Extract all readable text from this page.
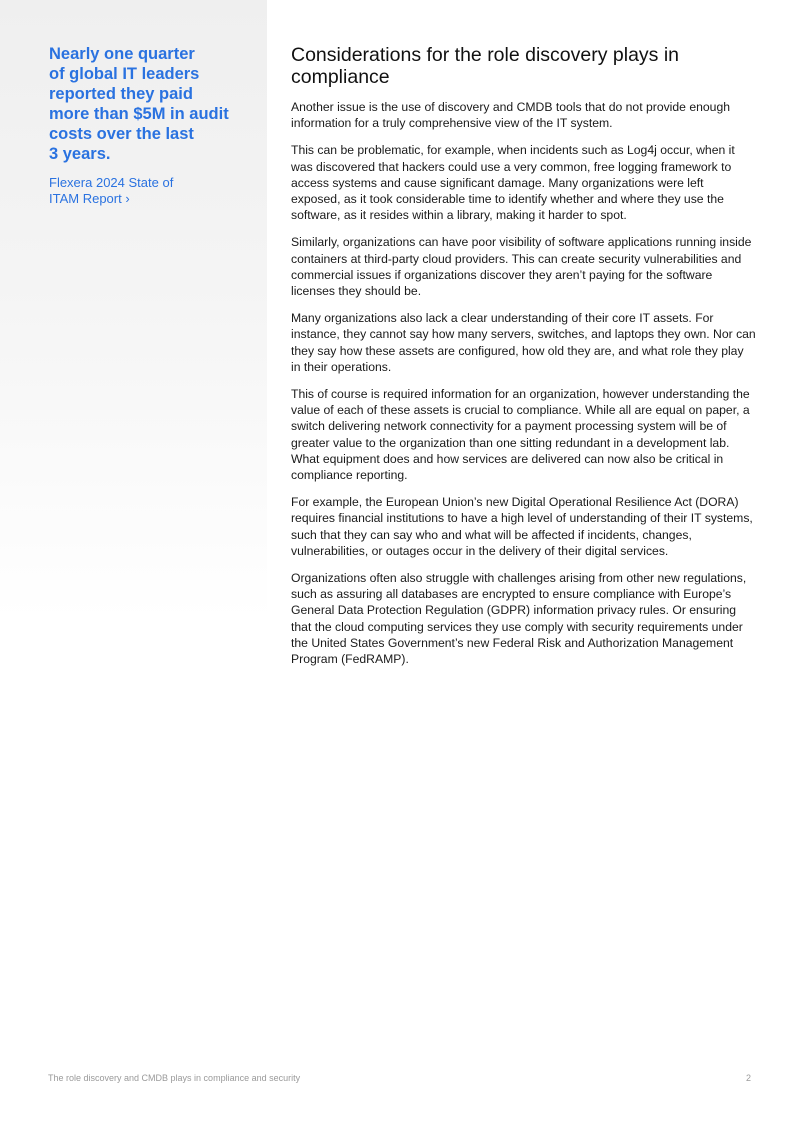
Nearly one quarter
of global IT leaders
reported they paid
more than $5M in audit
costs over the last
3 years.

Flexera 2024 State of
ITAM Report ›
Considerations for the role discovery plays in compliance

Another issue is the use of discovery and CMDB tools that do not provide enough information for a truly comprehensive view of the IT system.

This can be problematic, for example, when incidents such as Log4j occur, when it was discovered that hackers could use a very common, free logging framework to access systems and cause significant damage. Many organizations were left exposed, as it took considerable time to identify whether and where they use the software, as it resides within a library, making it harder to spot.

Similarly, organizations can have poor visibility of software applications running inside containers at third-party cloud providers. This can create security vulnerabilities and commercial issues if organizations discover they aren’t paying for the software licenses they should be.

Many organizations also lack a clear understanding of their core IT assets. For instance, they cannot say how many servers, switches, and laptops they own. Nor can they say how these assets are configured, how old they are, and what role they play in their operations.

This of course is required information for an organization, however understanding the value of each of these assets is crucial to compliance. While all are equal on paper, a switch delivering network connectivity for a payment processing system will be of greater value to the organization than one sitting redundant in a development lab. What equipment does and how services are delivered can now also be critical in compliance reporting.

For example, the European Union’s new Digital Operational Resilience Act (DORA) requires financial institutions to have a high level of understanding of their IT systems, such that they can say who and what will be affected if incidents, changes, vulnerabilities, or outages occur in the delivery of their digital services.

Organizations often also struggle with challenges arising from other new regulations, such as assuring all databases are encrypted to ensure compliance with Europe’s General Data Protection Regulation (GDPR) information privacy rules. Or ensuring that the cloud computing services they use comply with security requirements under the United States Government’s new Federal Risk and Authorization Management Program (FedRAMP).

The role discovery and CMDB plays in compliance and security	2
